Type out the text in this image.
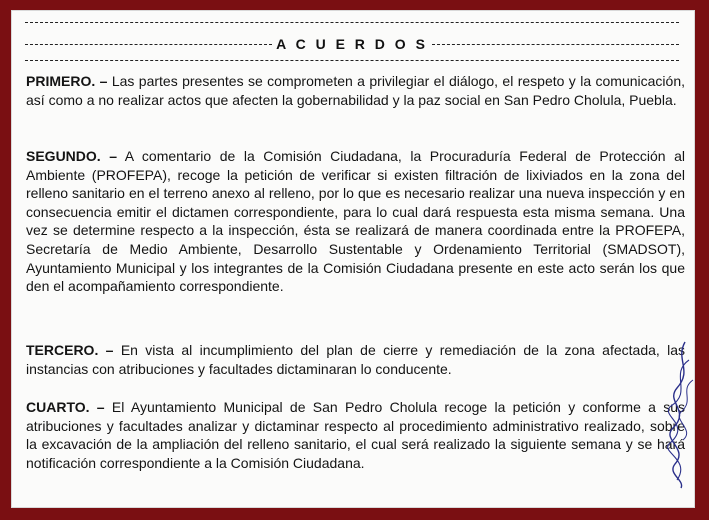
A C U E R D O S

PRIMERO. – Las partes presentes se comprometen a privilegiar el diálogo, el respeto y la comunicación, así como a no realizar actos que afecten la gobernabilidad y la paz social en San Pedro Cholula, Puebla.

SEGUNDO. – A comentario de la Comisión Ciudadana, la Procuraduría Federal de Protección al Ambiente (PROFEPA), recoge la petición de verificar si existen filtración de lixiviados en la zona del relleno sanitario en el terreno anexo al relleno, por lo que es necesario realizar una nueva inspección y en consecuencia emitir el dictamen correspondiente, para lo cual dará respuesta esta misma semana. Una vez se determine respecto a la inspección, ésta se realizará de manera coordinada entre la PROFEPA, Secretaría de Medio Ambiente, Desarrollo Sustentable y Ordenamiento Territorial (SMADSOT), Ayuntamiento Municipal y los integrantes de la Comisión Ciudadana presente en este acto serán los que den el acompañamiento correspondiente.

TERCERO. – En vista al incumplimiento del plan de cierre y remediación de la zona afectada, las instancias con atribuciones y facultades dictaminaran lo conducente.

CUARTO. – El Ayuntamiento Municipal de San Pedro Cholula recoge la petición y conforme a sus atribuciones y facultades analizar y dictaminar respecto al procedimiento administrativo realizado, sobre la excavación de la ampliación del relleno sanitario, el cual será realizado la siguiente semana y se hará notificación correspondiente a la Comisión Ciudadana.
